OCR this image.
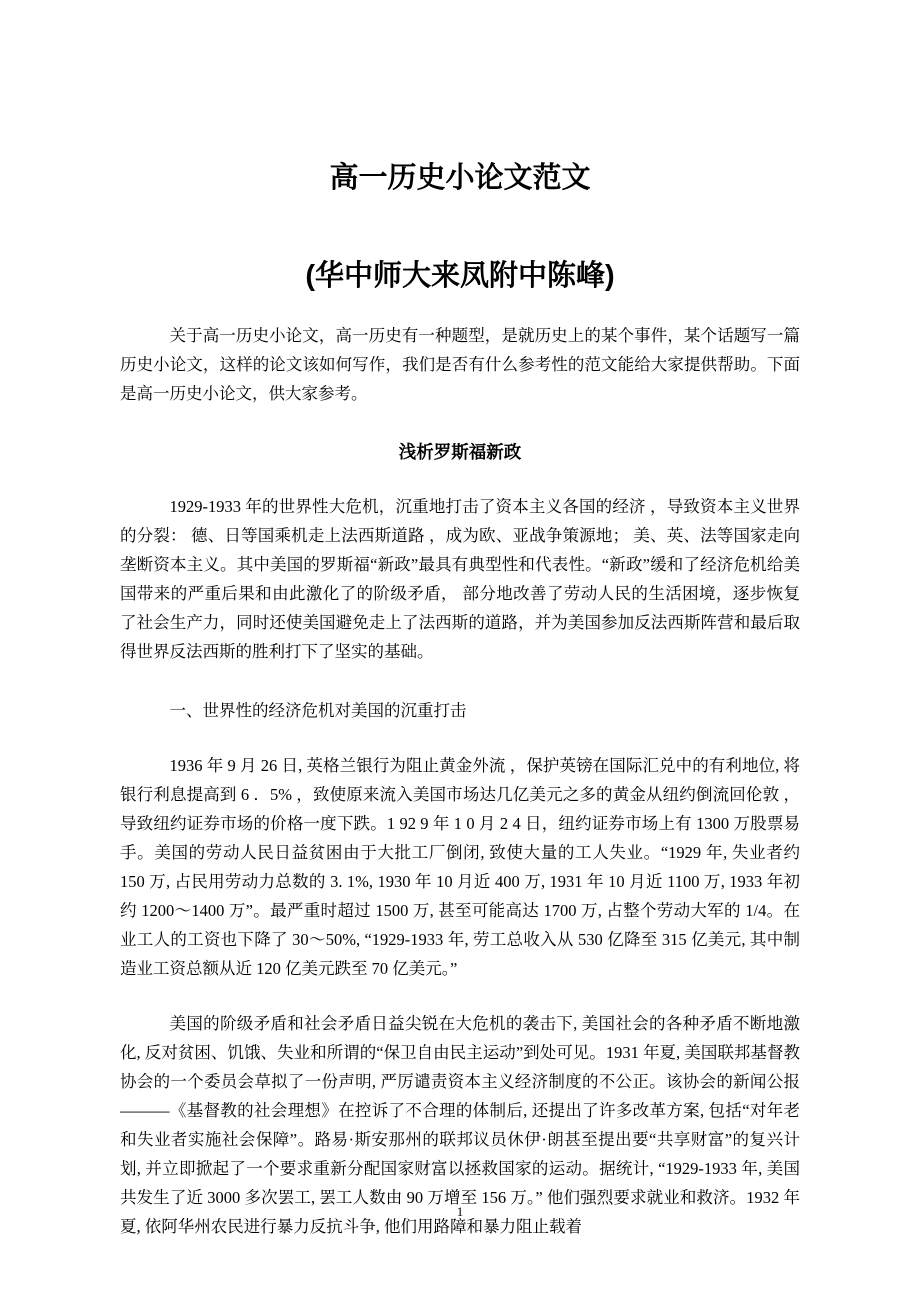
高一历史小论文范文
(华中师大来凤附中陈峰)

关于高一历史小论文，高一历史有一种题型，是就历史上的某个事件，某个话题写一篇历史小论文，这样的论文该如何写作，我们是否有什么参考性的范文能给大家提供帮助。下面是高一历史小论文，供大家参考。

浅析罗斯福新政

1929-1933 年的世界性大危机，沉重地打击了资本主义各国的经济 ，导致资本主义世界的分裂： 德、日等国乘机走上法西斯道路 ，成为欧、亚战争策源地； 美、英、法等国家走向垄断资本主义。其中美国的罗斯福“新政”最具有典型性和代表性。“新政”缓和了经济危机给美国带来的严重后果和由此激化了的阶级矛盾， 部分地改善了劳动人民的生活困境，逐步恢复了社会生产力，同时还使美国避免走上了法西斯的道路，并为美国参加反法西斯阵营和最后取得世界反法西斯的胜利打下了坚实的基础。

一、世界性的经济危机对美国的沉重打击

1936 年 9 月 26 日, 英格兰银行为阻止黄金外流 ，保护英镑在国际汇兑中的有利地位, 将银行利息提高到 6 ．5% ，致使原来流入美国市场达几亿美元之多的黄金从纽约倒流回伦敦 ，导致纽约证券市场的价格一度下跌。1 92 9 年 1 0 月 2 4 日，纽约证券市场上有 1300 万股票易手。美国的劳动人民日益贫困由于大批工厂倒闭, 致使大量的工人失业。“1929 年, 失业者约 150 万, 占民用劳动力总数的 3. 1%, 1930 年 10 月近 400 万, 1931 年 10 月近 1100 万, 1933 年初约 1200～1400 万”。最严重时超过 1500 万, 甚至可能高达 1700 万, 占整个劳动大军的 1/4。在业工人的工资也下降了 30～50%, “1929-1933 年, 劳工总收入从 530 亿降至 315 亿美元, 其中制造业工资总额从近 120 亿美元跌至 70 亿美元。”

美国的阶级矛盾和社会矛盾日益尖锐在大危机的袭击下, 美国社会的各种矛盾不断地激化, 反对贫困、饥饿、失业和所谓的“保卫自由民主运动”到处可见。1931 年夏, 美国联邦基督教协会的一个委员会草拟了一份声明, 严厉谴责资本主义经济制度的不公正。该协会的新闻公报———《基督教的社会理想》在控诉了不合理的体制后, 还提出了许多改革方案, 包括“对年老和失业者实施社会保障”。路易·斯安那州的联邦议员休伊·朗甚至提出要“共享财富”的复兴计划, 并立即掀起了一个要求重新分配国家财富以拯救国家的运动。据统计, “1929-1933 年, 美国共发生了近 3000 多次罢工, 罢工人数由 90 万增至 156 万。” 他们强烈要求就业和救济。1932 年夏, 依阿华州农民进行暴力反抗斗争, 他们用路障和暴力阻止载着

1
